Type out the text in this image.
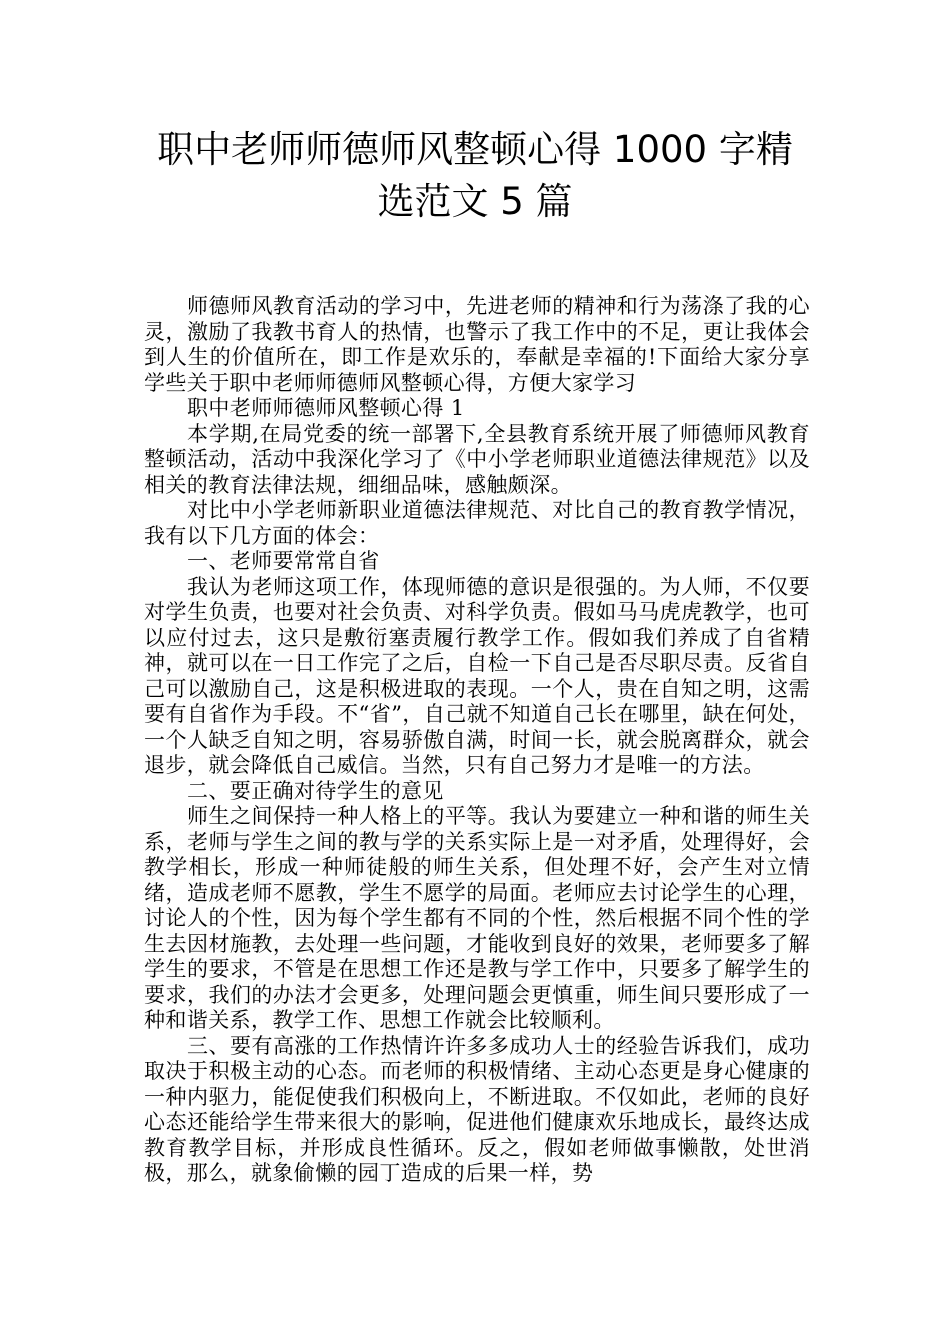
职中老师师德师风整顿心得 1000 字精
选范文 5 篇

师德师风教育活动的学习中，先进老师的精神和行为荡涤了我的心灵，激励了我教书育人的热情，也警示了我工作中的不足，更让我体会到人生的价值所在，即工作是欢乐的，奉献是幸福的!下面给大家分享学些关于职中老师师德师风整顿心得，方便大家学习

职中老师师德师风整顿心得 1

本学期,在局党委的统一部署下,全县教育系统开展了师德师风教育整顿活动，活动中我深化学习了《中小学老师职业道德法律规范》以及相关的教育法律法规，细细品味，感触颇深。

对比中小学老师新职业道德法律规范、对比自己的教育教学情况，我有以下几方面的体会：

一、老师要常常自省

我认为老师这项工作，体现师德的意识是很强的。为人师，不仅要对学生负责，也要对社会负责、对科学负责。假如马马虎虎教学，也可以应付过去，这只是敷衍塞责履行教学工作。假如我们养成了自省精神，就可以在一日工作完了之后，自检一下自己是否尽职尽责。反省自己可以激励自己，这是积极进取的表现。一个人，贵在自知之明，这需要有自省作为手段。不“省”，自己就不知道自己长在哪里，缺在何处，一个人缺乏自知之明，容易骄傲自满，时间一长，就会脱离群众，就会退步，就会降低自己威信。当然，只有自己努力才是唯一的方法。

二、要正确对待学生的意见

师生之间保持一种人格上的平等。我认为要建立一种和谐的师生关系，老师与学生之间的教与学的关系实际上是一对矛盾，处理得好，会教学相长，形成一种师徒般的师生关系，但处理不好，会产生对立情绪，造成老师不愿教，学生不愿学的局面。老师应去讨论学生的心理，讨论人的个性，因为每个学生都有不同的个性，然后根据不同个性的学生去因材施教，去处理一些问题，才能收到良好的效果，老师要多了解学生的要求，不管是在思想工作还是教与学工作中，只要多了解学生的要求，我们的办法才会更多，处理问题会更慎重，师生间只要形成了一种和谐关系，教学工作、思想工作就会比较顺利。

三、要有高涨的工作热情许许多多成功人士的经验告诉我们，成功取决于积极主动的心态。而老师的积极情绪、主动心态更是身心健康的一种内驱力，能促使我们积极向上，不断进取。不仅如此，老师的良好心态还能给学生带来很大的影响，促进他们健康欢乐地成长，最终达成教育教学目标，并形成良性循环。反之，假如老师做事懒散，处世消极，那么，就象偷懒的园丁造成的后果一样，势
